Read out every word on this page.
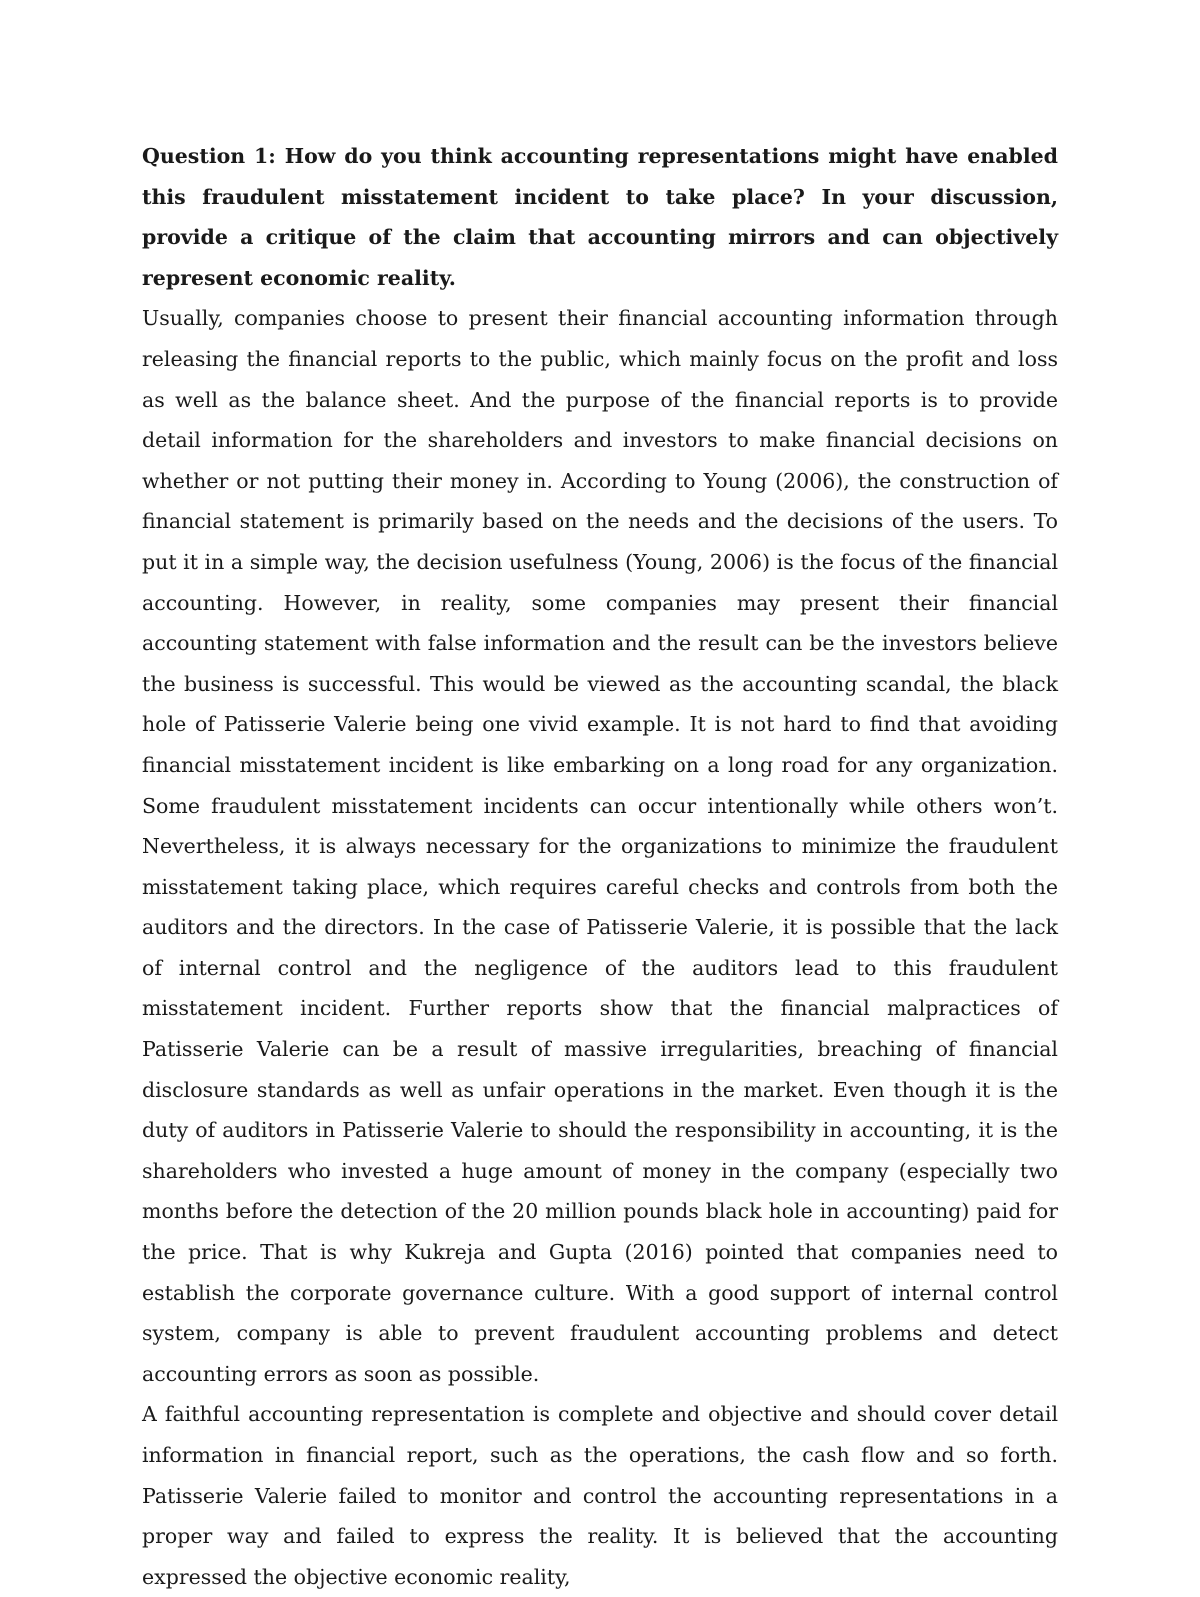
Question 1: How do you think accounting representations might have enabled this fraudulent misstatement incident to take place? In your discussion, provide a critique of the claim that accounting mirrors and can objectively represent economic reality.

Usually, companies choose to present their financial accounting information through releasing the financial reports to the public, which mainly focus on the profit and loss as well as the balance sheet. And the purpose of the financial reports is to provide detail information for the shareholders and investors to make financial decisions on whether or not putting their money in. According to Young (2006), the construction of financial statement is primarily based on the needs and the decisions of the users. To put it in a simple way, the decision usefulness (Young, 2006) is the focus of the financial accounting. However, in reality, some companies may present their financial accounting statement with false information and the result can be the investors believe the business is successful. This would be viewed as the accounting scandal, the black hole of Patisserie Valerie being one vivid example. It is not hard to find that avoiding financial misstatement incident is like embarking on a long road for any organization. Some fraudulent misstatement incidents can occur intentionally while others won’t. Nevertheless, it is always necessary for the organizations to minimize the fraudulent misstatement taking place, which requires careful checks and controls from both the auditors and the directors. In the case of Patisserie Valerie, it is possible that the lack of internal control and the negligence of the auditors lead to this fraudulent misstatement incident. Further reports show that the financial malpractices of Patisserie Valerie can be a result of massive irregularities, breaching of financial disclosure standards as well as unfair operations in the market. Even though it is the duty of auditors in Patisserie Valerie to should the responsibility in accounting, it is the shareholders who invested a huge amount of money in the company (especially two months before the detection of the 20 million pounds black hole in accounting) paid for the price. That is why Kukreja and Gupta (2016) pointed that companies need to establish the corporate governance culture. With a good support of internal control system, company is able to prevent fraudulent accounting problems and detect accounting errors as soon as possible.

A faithful accounting representation is complete and objective and should cover detail information in financial report, such as the operations, the cash flow and so forth. Patisserie Valerie failed to monitor and control the accounting representations in a proper way and failed to express the reality. It is believed that the accounting expressed the objective economic reality,
